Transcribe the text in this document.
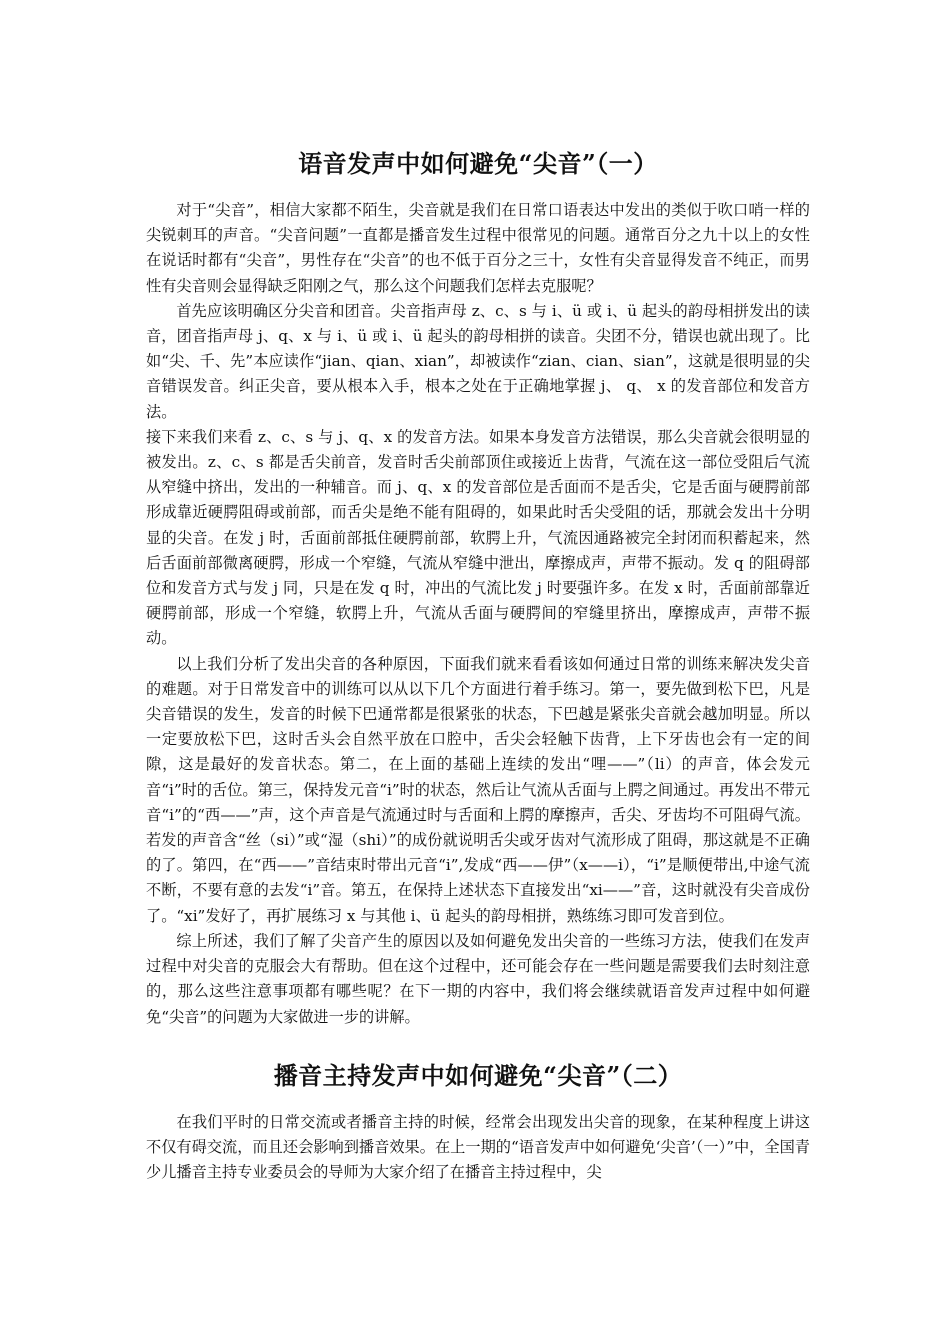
语音发声中如何避免“尖音”（一）

对于“尖音”，相信大家都不陌生，尖音就是我们在日常口语表达中发出的类似于吹口哨一样的尖锐刺耳的声音。“尖音问题”一直都是播音发生过程中很常见的问题。通常百分之九十以上的女性在说话时都有“尖音”，男性存在“尖音”的也不低于百分之三十，女性有尖音显得发音不纯正，而男性有尖音则会显得缺乏阳刚之气，那么这个问题我们怎样去克服呢？

首先应该明确区分尖音和团音。尖音指声母 z、c、s 与 i、ü 或 i、ü 起头的韵母相拼发出的读音，团音指声母 j、q、x 与 i、ü 或 i、ü 起头的韵母相拼的读音。尖团不分，错误也就出现了。比如“尖、千、先”本应读作“jian、qian、xian”，却被读作“zian、cian、sian”，这就是很明显的尖音错误发音。纠正尖音，要从根本入手，根本之处在于正确地掌握 j、 q、 x 的发音部位和发音方法。

接下来我们来看 z、c、s 与 j、q、x 的发音方法。如果本身发音方法错误，那么尖音就会很明显的被发出。z、c、s 都是舌尖前音，发音时舌尖前部顶住或接近上齿背，气流在这一部位受阻后气流从窄缝中挤出，发出的一种辅音。而 j、q、x 的发音部位是舌面而不是舌尖，它是舌面与硬腭前部形成靠近硬腭阻碍或前部，而舌尖是绝不能有阻碍的，如果此时舌尖受阻的话，那就会发出十分明显的尖音。在发 j 时，舌面前部抵住硬腭前部，软腭上升，气流因通路被完全封闭而积蓄起来，然后舌面前部微离硬腭，形成一个窄缝，气流从窄缝中泄出，摩擦成声，声带不振动。发 q 的阻碍部位和发音方式与发 j 同，只是在发 q 时，冲出的气流比发 j 时要强许多。在发 x 时，舌面前部靠近硬腭前部，形成一个窄缝，软腭上升，气流从舌面与硬腭间的窄缝里挤出，摩擦成声，声带不振动。

以上我们分析了发出尖音的各种原因，下面我们就来看看该如何通过日常的训练来解决发尖音的难题。对于日常发音中的训练可以从以下几个方面进行着手练习。第一，要先做到松下巴，凡是尖音错误的发生，发音的时候下巴通常都是很紧张的状态，下巴越是紧张尖音就会越加明显。所以一定要放松下巴，这时舌头会自然平放在口腔中，舌尖会轻触下齿背，上下牙齿也会有一定的间隙，这是最好的发音状态。第二，在上面的基础上连续的发出“哩——”（li）的声音，体会发元音“i”时的舌位。第三，保持发元音“i”时的状态，然后让气流从舌面与上腭之间通过。再发出不带元音“i”的“西——”声，这个声音是气流通过时与舌面和上腭的摩擦声，舌尖、牙齿均不可阻碍气流。若发的声音含“丝（si）”或“湿（shi）”的成份就说明舌尖或牙齿对气流形成了阻碍，那这就是不正确的了。第四，在“西——”音结束时带出元音“i”,发成“西——伊”（x——i），“i”是顺便带出,中途气流不断，不要有意的去发“i”音。第五，在保持上述状态下直接发出“xi——”音，这时就没有尖音成份了。“xi”发好了，再扩展练习 x 与其他 i、ü 起头的韵母相拼，熟练练习即可发音到位。

综上所述，我们了解了尖音产生的原因以及如何避免发出尖音的一些练习方法，使我们在发声过程中对尖音的克服会大有帮助。但在这个过程中，还可能会存在一些问题是需要我们去时刻注意的，那么这些注意事项都有哪些呢？在下一期的内容中，我们将会继续就语音发声过程中如何避免“尖音”的问题为大家做进一步的讲解。

播音主持发声中如何避免“尖音”（二）

在我们平时的日常交流或者播音主持的时候，经常会出现发出尖音的现象，在某种程度上讲这不仅有碍交流，而且还会影响到播音效果。在上一期的“语音发声中如何避免‘尖音’（一）”中，全国青少儿播音主持专业委员会的导师为大家介绍了在播音主持过程中，尖
